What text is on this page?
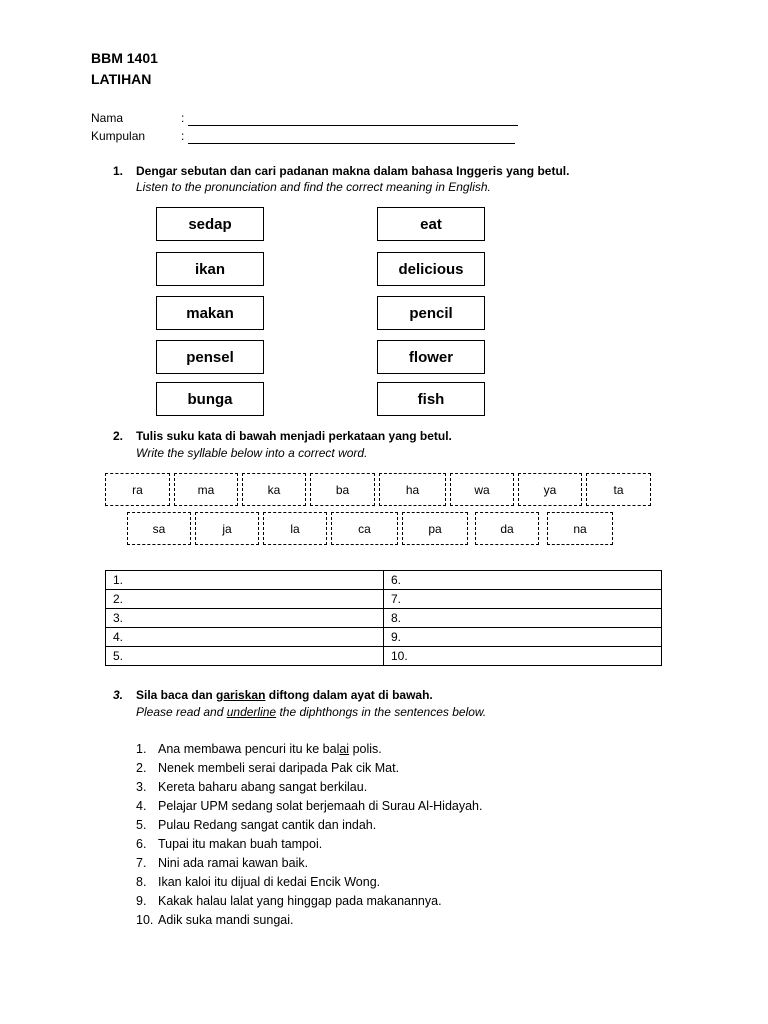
BBM 1401
LATIHAN
Nama	:
Kumpulan	:
1. Dengar sebutan dan cari padanan makna dalam bahasa Inggeris yang betul.
Listen to the pronunciation and find the correct meaning in English.
sedap
ikan
makan
pensel
bunga
eat
delicious
pencil
flower
fish
2. Tulis suku kata di bawah menjadi perkataan yang betul.
Write the syllable below into a correct word.
ra	ma	ka	ba	ha	wa	ya	ta
sa	ja	la	ca	pa	da	na
1.	6.
2.	7.
3.	8.
4.	9.
5.	10.
3. Sila baca dan gariskan diftong dalam ayat di bawah.
Please read and underline the diphthongs in the sentences below.
1. Ana membawa pencuri itu ke balai polis.
2. Nenek membeli serai daripada Pak cik Mat.
3. Kereta baharu abang sangat berkilau.
4. Pelajar UPM sedang solat berjemaah di Surau Al-Hidayah.
5. Pulau Redang sangat cantik dan indah.
6. Tupai itu makan buah tampoi.
7. Nini ada ramai kawan baik.
8. Ikan kaloi itu dijual di kedai Encik Wong.
9. Kakak halau lalat yang hinggap pada makanannya.
10. Adik suka mandi sungai.
